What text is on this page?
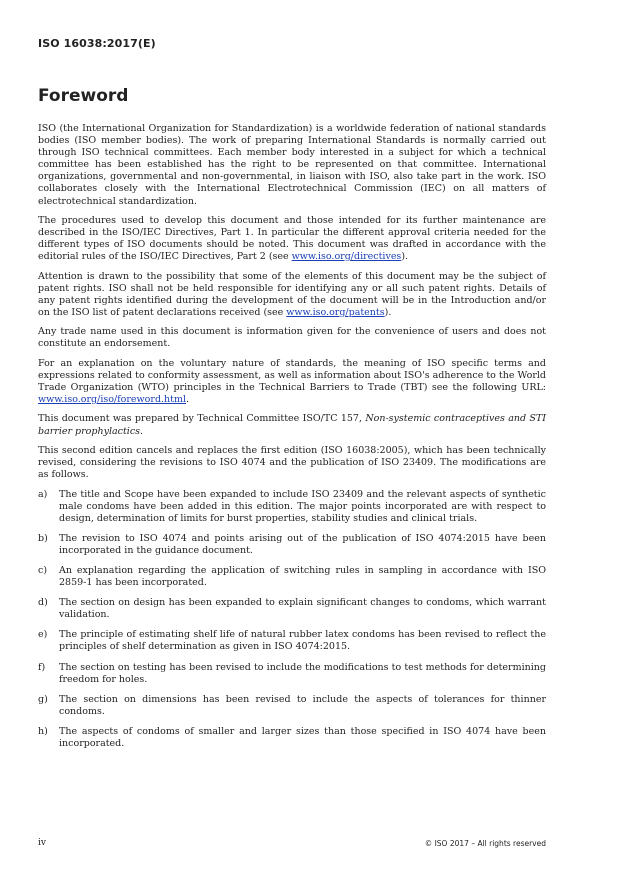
ISO 16038:2017(E)
Foreword

ISO (the International Organization for Standardization) is a worldwide federation of national standards bodies (ISO member bodies). The work of preparing International Standards is normally carried out through ISO technical committees. Each member body interested in a subject for which a technical committee has been established has the right to be represented on that committee. International organizations, governmental and non-governmental, in liaison with ISO, also take part in the work. ISO collaborates closely with the International Electrotechnical Commission (IEC) on all matters of electrotechnical standardization.

The procedures used to develop this document and those intended for its further maintenance are described in the ISO/IEC Directives, Part 1. In particular the different approval criteria needed for the different types of ISO documents should be noted. This document was drafted in accordance with the editorial rules of the ISO/IEC Directives, Part 2 (see www.iso.org/directives).

Attention is drawn to the possibility that some of the elements of this document may be the subject of patent rights. ISO shall not be held responsible for identifying any or all such patent rights. Details of any patent rights identified during the development of the document will be in the Introduction and/or on the ISO list of patent declarations received (see www.iso.org/patents).

Any trade name used in this document is information given for the convenience of users and does not constitute an endorsement.

For an explanation on the voluntary nature of standards, the meaning of ISO specific terms and expressions related to conformity assessment, as well as information about ISO's adherence to the World Trade Organization (WTO) principles in the Technical Barriers to Trade (TBT) see the following URL: www.iso.org/iso/foreword.html.

This document was prepared by Technical Committee ISO/TC 157, Non-systemic contraceptives and STI barrier prophylactics.

This second edition cancels and replaces the first edition (ISO 16038:2005), which has been technically revised, considering the revisions to ISO 4074 and the publication of ISO 23409. The modifications are as follows.

a) The title and Scope have been expanded to include ISO 23409 and the relevant aspects of synthetic male condoms have been added in this edition. The major points incorporated are with respect to design, determination of limits for burst properties, stability studies and clinical trials.
b) The revision to ISO 4074 and points arising out of the publication of ISO 4074:2015 have been incorporated in the guidance document.
c) An explanation regarding the application of switching rules in sampling in accordance with ISO 2859-1 has been incorporated.
d) The section on design has been expanded to explain significant changes to condoms, which warrant validation.
e) The principle of estimating shelf life of natural rubber latex condoms has been revised to reflect the principles of shelf determination as given in ISO 4074:2015.
f) The section on testing has been revised to include the modifications to test methods for determining freedom for holes.
g) The section on dimensions has been revised to include the aspects of tolerances for thinner condoms.
h) The aspects of condoms of smaller and larger sizes than those specified in ISO 4074 have been incorporated.
iv	© ISO 2017 – All rights reserved
